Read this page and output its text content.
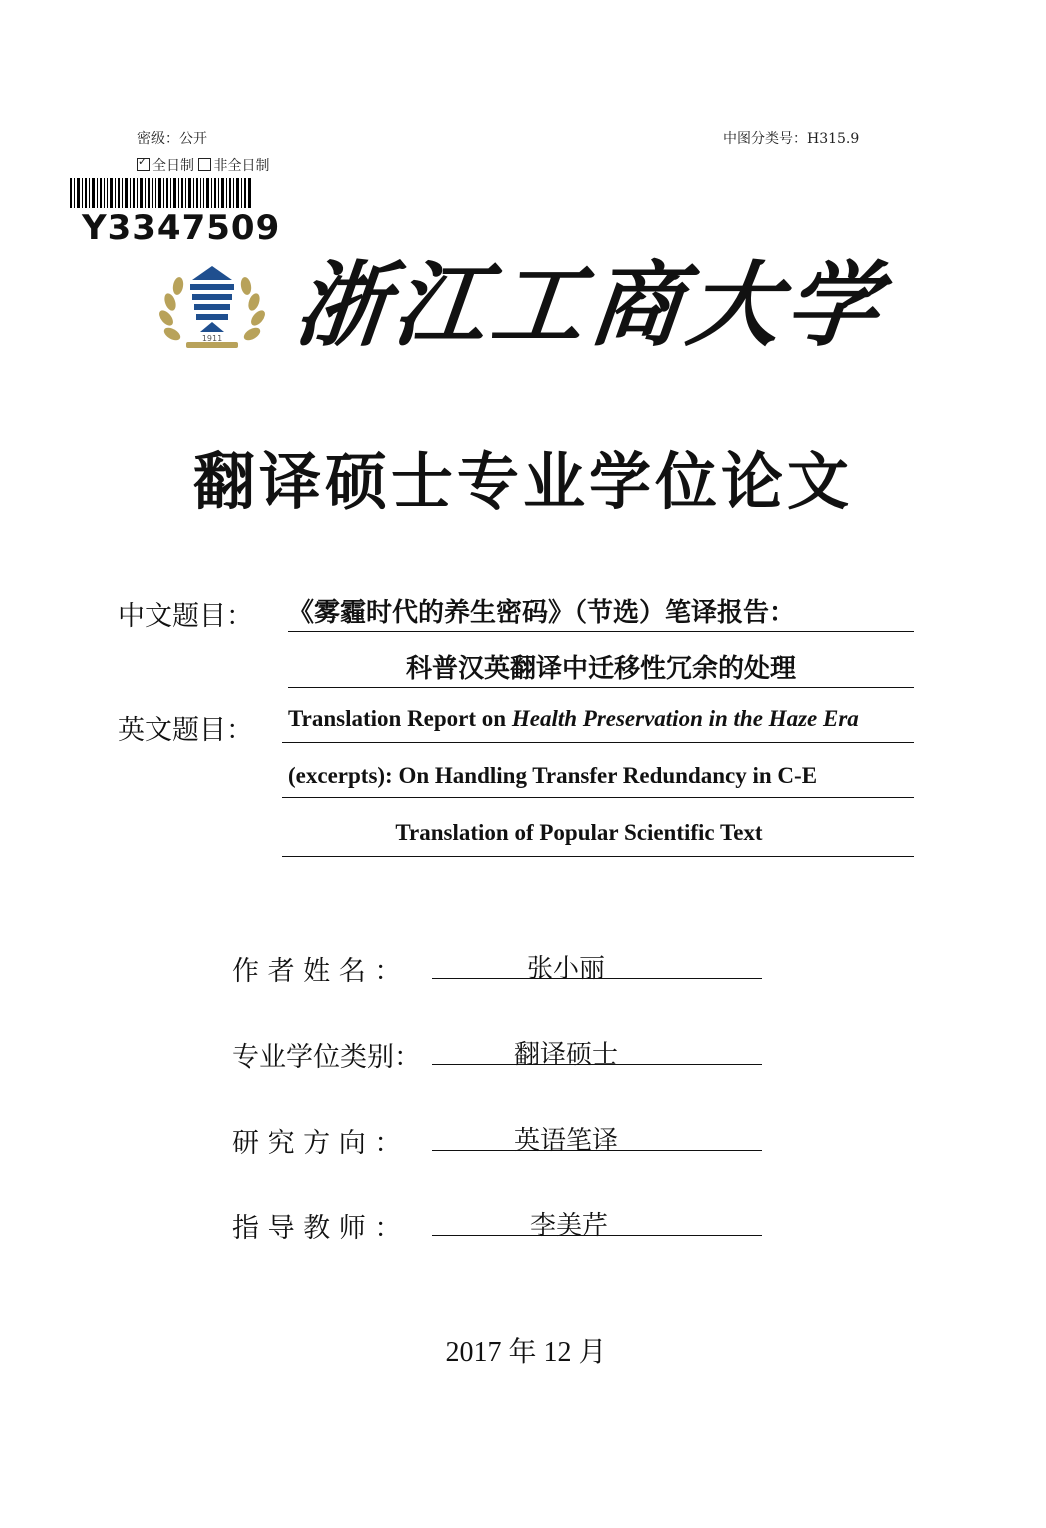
密级：公开	中图分类号：H315.9
✓全日制 非全日制
Y3347509
1911 浙江工商大学
翻译硕士专业学位论文
中文题目： 《雾霾时代的养生密码》（节选）笔译报告：
科普汉英翻译中迁移性冗余的处理
英文题目： Translation Report on Health Preservation in the Haze Era
(excerpts): On Handling Transfer Redundancy in C-E
Translation of Popular Scientific Text
作 者 姓 名 ：	张小丽
专业学位类别：	翻译硕士
研 究 方 向 ：	英语笔译
指 导 教 师 ：	李美芹
2017 年 12 月
